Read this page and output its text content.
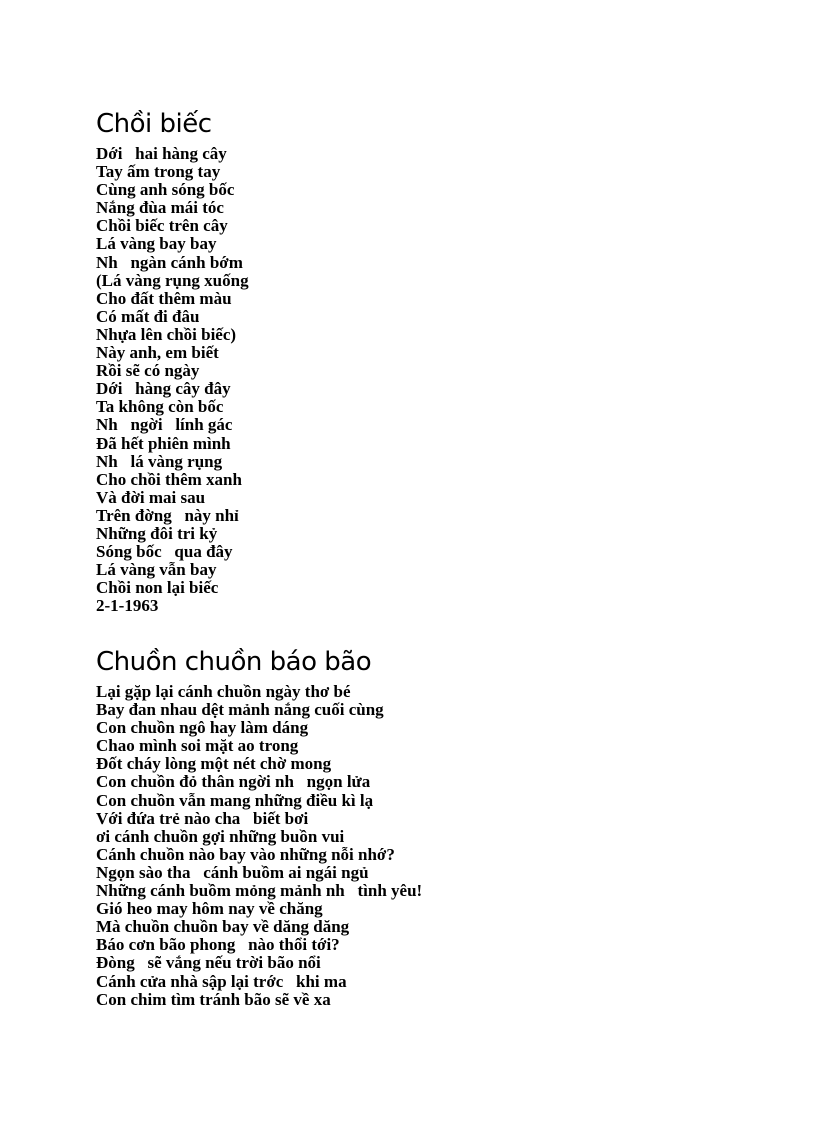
Chồi biếc
Dới   hai hàng cây
Tay ấm trong tay
Cùng anh sóng bốc
Nắng đùa mái tóc
Chồi biếc trên cây
Lá vàng bay bay
Nh   ngàn cánh bớm
(Lá vàng rụng xuống
Cho đất thêm màu
Có mất đi đâu
Nhựa lên chồi biếc)
Này anh, em biết
Rồi sẽ có ngày
Dới   hàng cây đây
Ta không còn bốc
Nh   ngời   lính gác
Đã hết phiên mình
Nh   lá vàng rụng
Cho chồi thêm xanh
Và đời mai sau
Trên đờng   này nhỉ
Những đôi tri kỷ
Sóng bốc   qua đây
Lá vàng vẫn bay
Chồi non lại biếc
2-1-1963
Chuồn chuồn báo bão
Lại gặp lại cánh chuồn ngày thơ bé
Bay đan nhau dệt mảnh nắng cuối cùng
Con chuồn ngô hay làm dáng
Chao mình soi mặt ao trong
Đốt cháy lòng một nét chờ mong
Con chuồn đỏ thân ngời nh   ngọn lửa
Con chuồn vẫn mang những điều kì lạ
Với đứa trẻ nào cha   biết bơi
ơi cánh chuồn gợi những buồn vui
Cánh chuồn nào bay vào những nỗi nhớ?
Ngọn sào tha   cánh buồm ai ngái ngủ
Những cánh buồm mỏng mảnh nh   tình yêu!
Gió heo may hôm nay về chăng
Mà chuồn chuồn bay về dăng dăng
Báo cơn bão phong   nào thổi tới?
Đòng   sẽ vắng nếu trời bão nổi
Cánh cửa nhà sập lại trớc   khi ma
Con chim tìm tránh bão sẽ về xa
